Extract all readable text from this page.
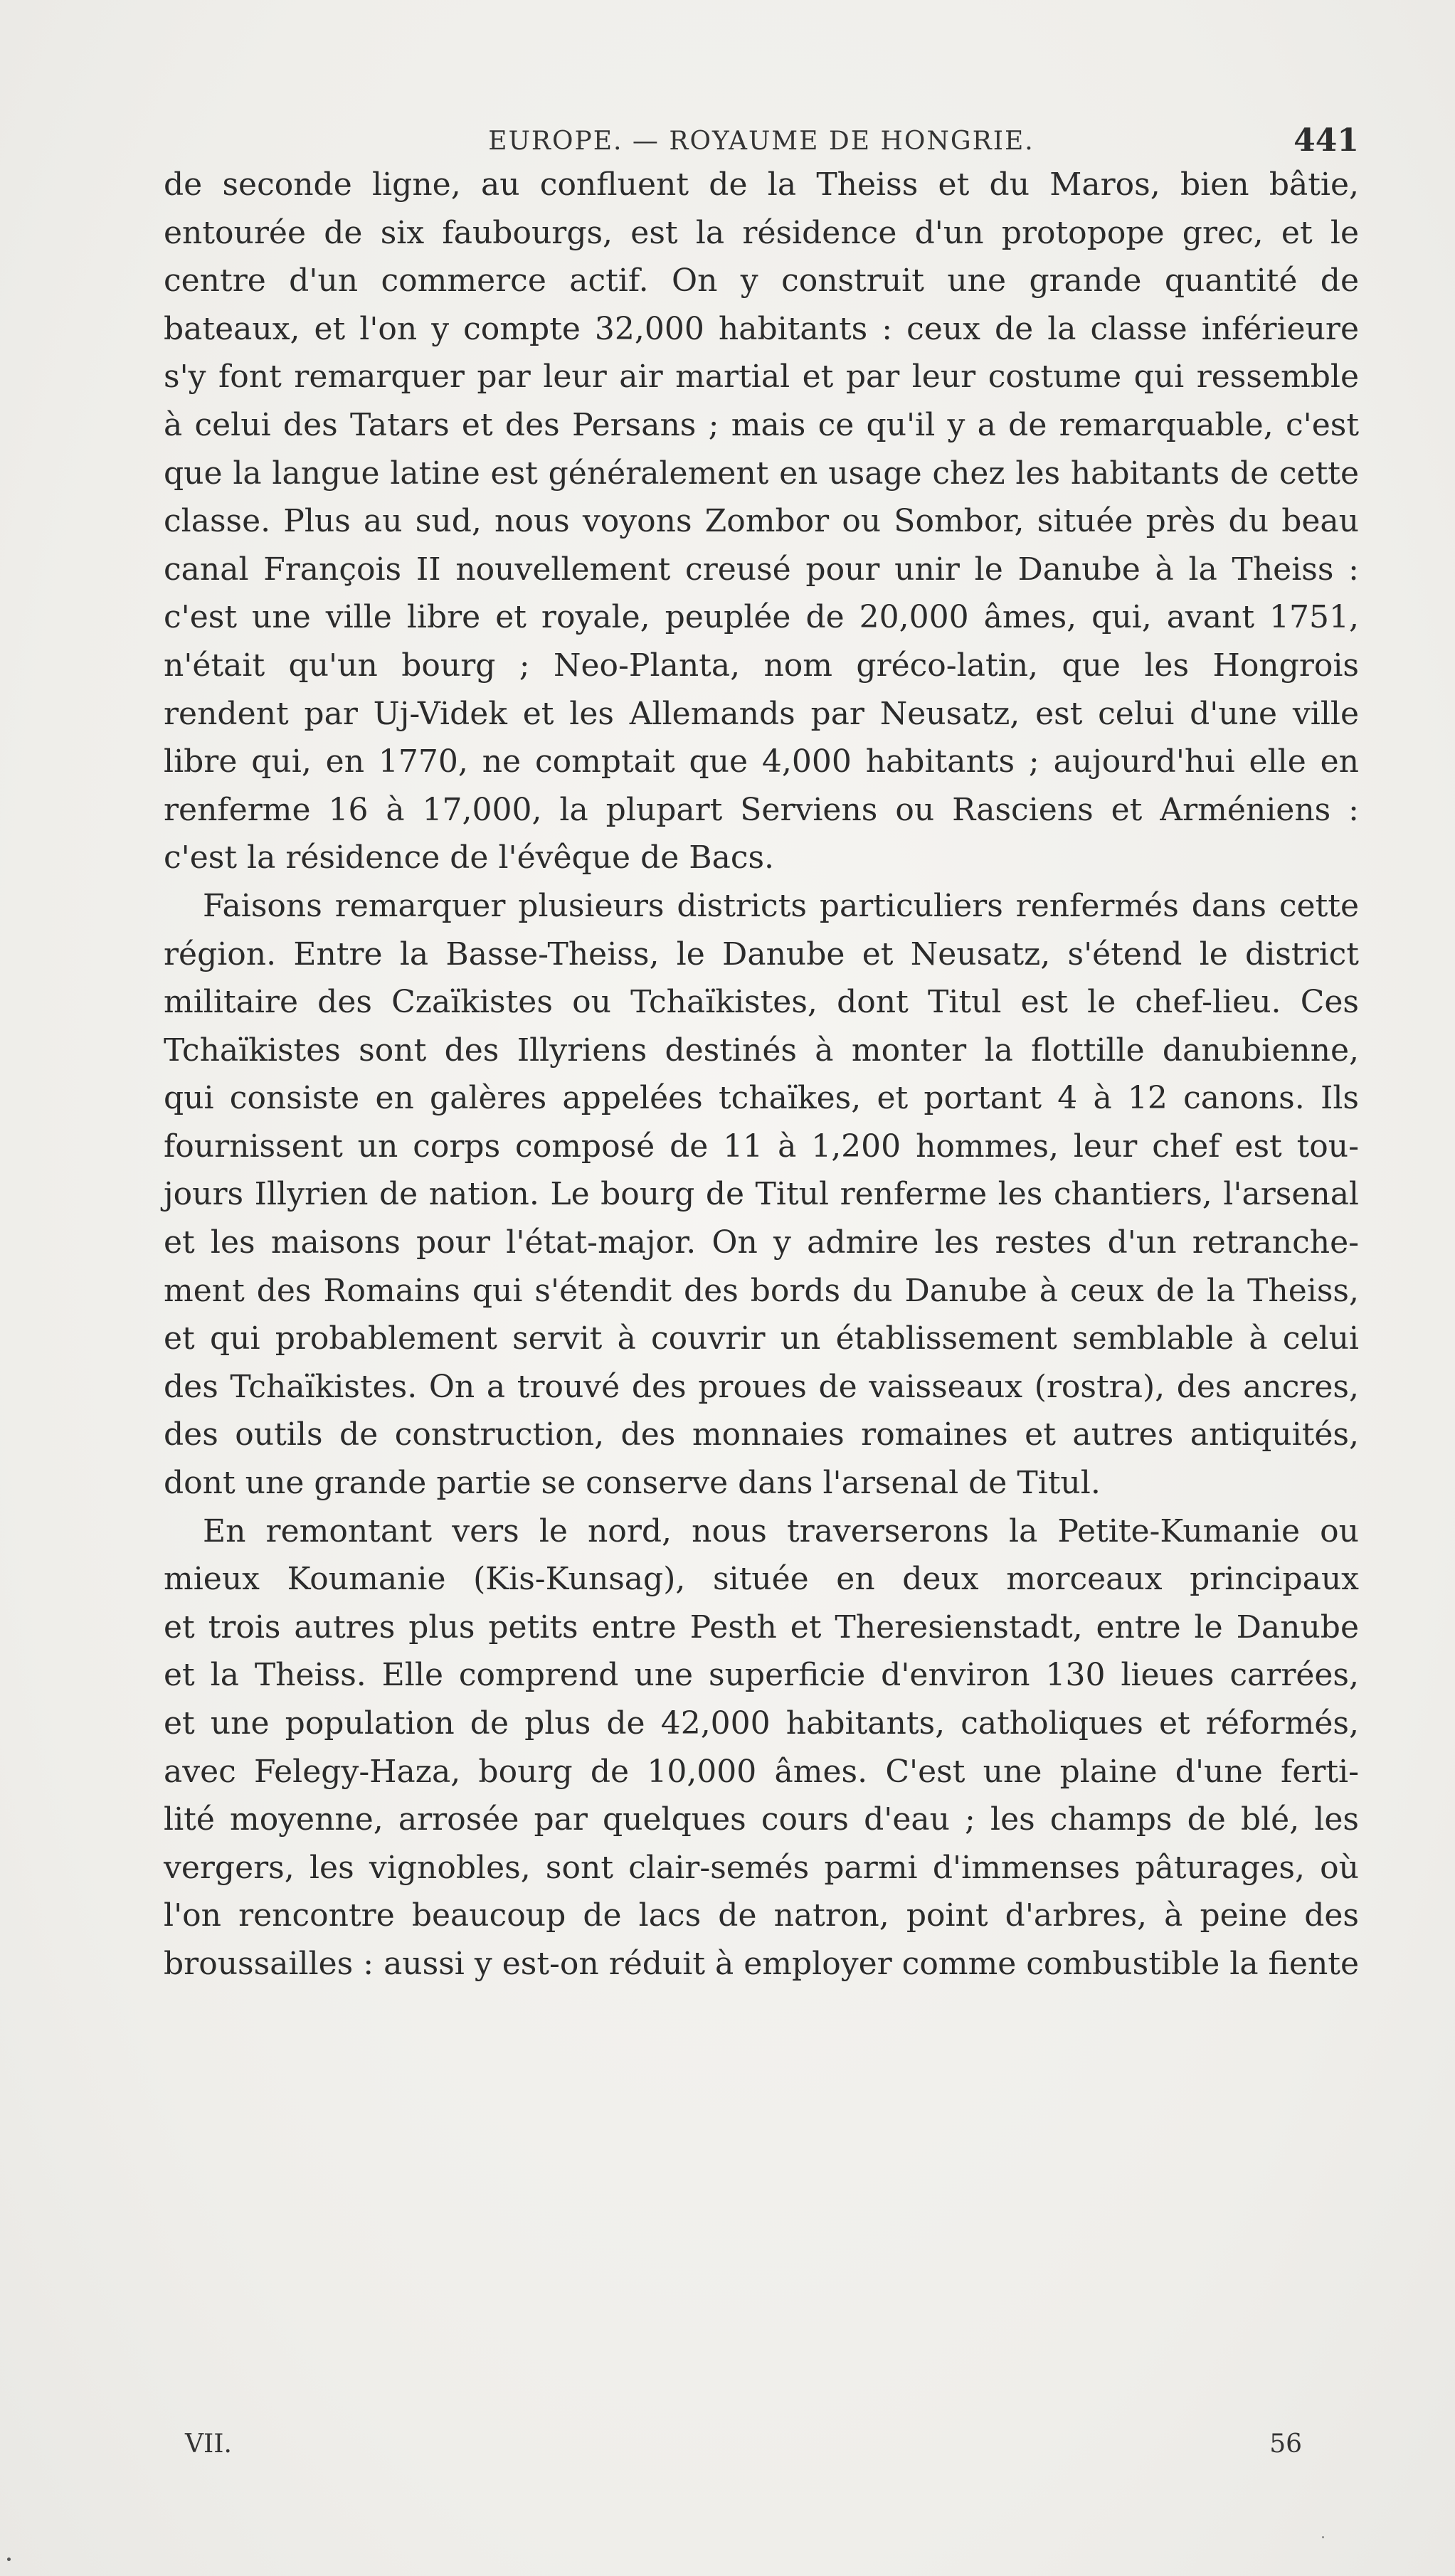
EUROPE. — ROYAUME DE HONGRIE.	441
de seconde ligne, au confluent de la Theiss et du Maros, bien bâtie,
entourée de six faubourgs, est la résidence d'un protopope grec, et le
centre d'un commerce actif. On y construit une grande quantité de
bateaux, et l'on y compte 32,000 habitants : ceux de la classe inférieure
s'y font remarquer par leur air martial et par leur costume qui ressemble
à celui des Tatars et des Persans ; mais ce qu'il y a de remarquable, c'est
que la langue latine est généralement en usage chez les habitants de cette
classe. Plus au sud, nous voyons Zombor ou Sombor, située près du beau
canal François II nouvellement creusé pour unir le Danube à la Theiss :
c'est une ville libre et royale, peuplée de 20,000 âmes, qui, avant 1751,
n'était qu'un bourg ; Neo-Planta, nom gréco-latin, que les Hongrois
rendent par Uj-Videk et les Allemands par Neusatz, est celui d'une ville
libre qui, en 1770, ne comptait que 4,000 habitants ; aujourd'hui elle en
renferme 16 à 17,000, la plupart Serviens ou Rasciens et Arméniens :
c'est la résidence de l'évêque de Bacs.
Faisons remarquer plusieurs districts particuliers renfermés dans cette
région. Entre la Basse-Theiss, le Danube et Neusatz, s'étend le district
militaire des Czaïkistes ou Tchaïkistes, dont Titul est le chef-lieu. Ces
Tchaïkistes sont des Illyriens destinés à monter la flottille danubienne,
qui consiste en galères appelées tchaïkes, et portant 4 à 12 canons. Ils
fournissent un corps composé de 11 à 1,200 hommes, leur chef est tou-
jours Illyrien de nation. Le bourg de Titul renferme les chantiers, l'arsenal
et les maisons pour l'état-major. On y admire les restes d'un retranche-
ment des Romains qui s'étendit des bords du Danube à ceux de la Theiss,
et qui probablement servit à couvrir un établissement semblable à celui
des Tchaïkistes. On a trouvé des proues de vaisseaux (rostra), des ancres,
des outils de construction, des monnaies romaines et autres antiquités,
dont une grande partie se conserve dans l'arsenal de Titul.
En remontant vers le nord, nous traverserons la Petite-Kumanie ou
mieux Koumanie (Kis-Kunsag), située en deux morceaux principaux
et trois autres plus petits entre Pesth et Theresienstadt, entre le Danube
et la Theiss. Elle comprend une superficie d'environ 130 lieues carrées,
et une population de plus de 42,000 habitants, catholiques et réformés,
avec Felegy-Haza, bourg de 10,000 âmes. C'est une plaine d'une ferti-
lité moyenne, arrosée par quelques cours d'eau ; les champs de blé, les
vergers, les vignobles, sont clair-semés parmi d'immenses pâturages, où
l'on rencontre beaucoup de lacs de natron, point d'arbres, à peine des
broussailles : aussi y est-on réduit à employer comme combustible la fiente
VII.	56
